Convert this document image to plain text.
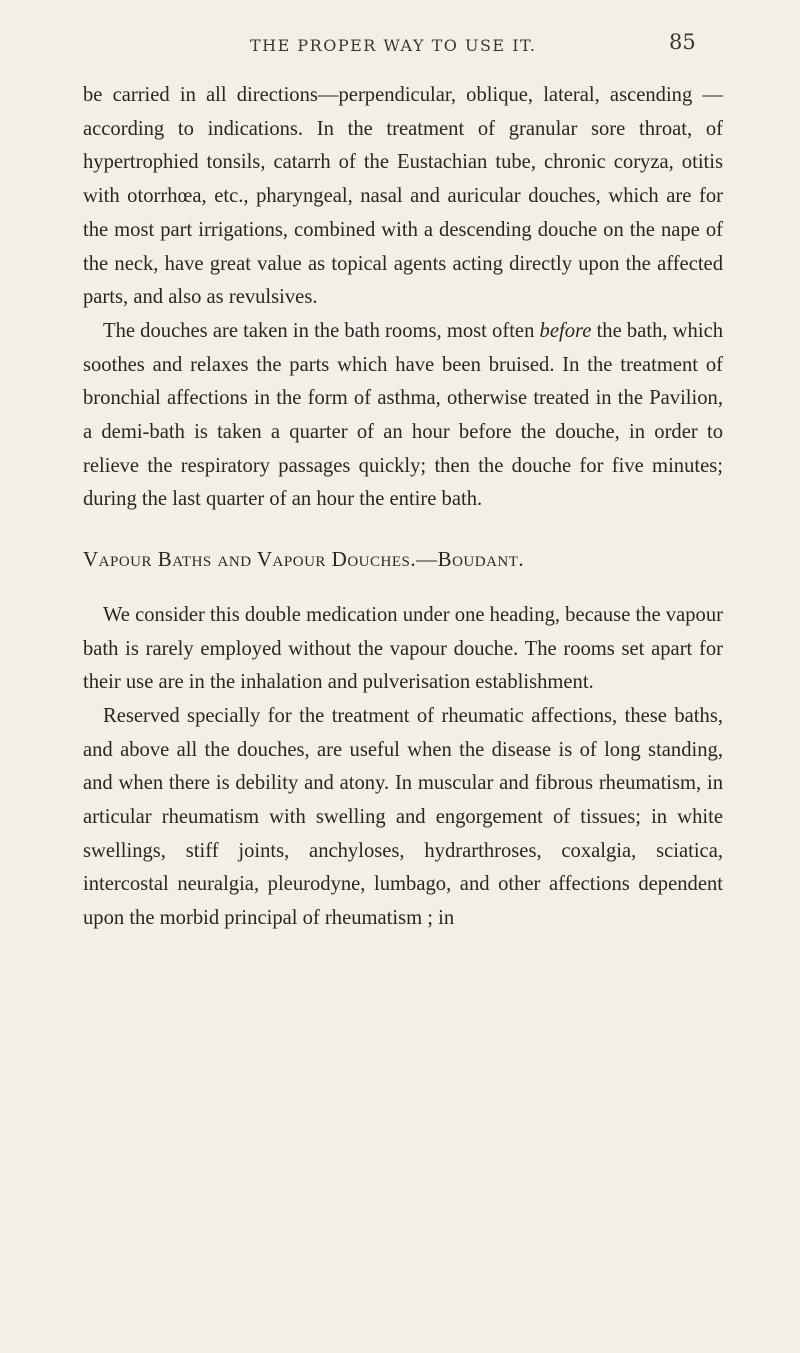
THE PROPER WAY TO USE IT.	85

be carried in all directions—perpendicular, oblique, lateral, ascending — according to indications. In the treatment of granular sore throat, of hypertrophied tonsils, catarrh of the Eustachian tube, chronic coryza, otitis with otorrhœa, etc., pharyngeal, nasal and auricular douches, which are for the most part irrigations, combined with a descending douche on the nape of the neck, have great value as topical agents acting directly upon the affected parts, and also as revulsives.

The douches are taken in the bath rooms, most often before the bath, which soothes and relaxes the parts which have been bruised. In the treatment of bronchial affections in the form of asthma, otherwise treated in the Pavilion, a demi-bath is taken a quarter of an hour before the douche, in order to relieve the respiratory passages quickly; then the douche for five minutes; during the last quarter of an hour the entire bath.

Vapour Baths and Vapour Douches.—Boudant.

We consider this double medication under one heading, because the vapour bath is rarely employed without the vapour douche. The rooms set apart for their use are in the inhalation and pulverisation establishment.

Reserved specially for the treatment of rheumatic affections, these baths, and above all the douches, are useful when the disease is of long standing, and when there is debility and atony. In muscular and fibrous rheumatism, in articular rheumatism with swelling and engorgement of tissues; in white swellings, stiff joints, anchyloses, hydrarthroses, coxalgia, sciatica, intercostal neuralgia, pleurodyne, lumbago, and other affections dependent upon the morbid principal of rheumatism ; in
